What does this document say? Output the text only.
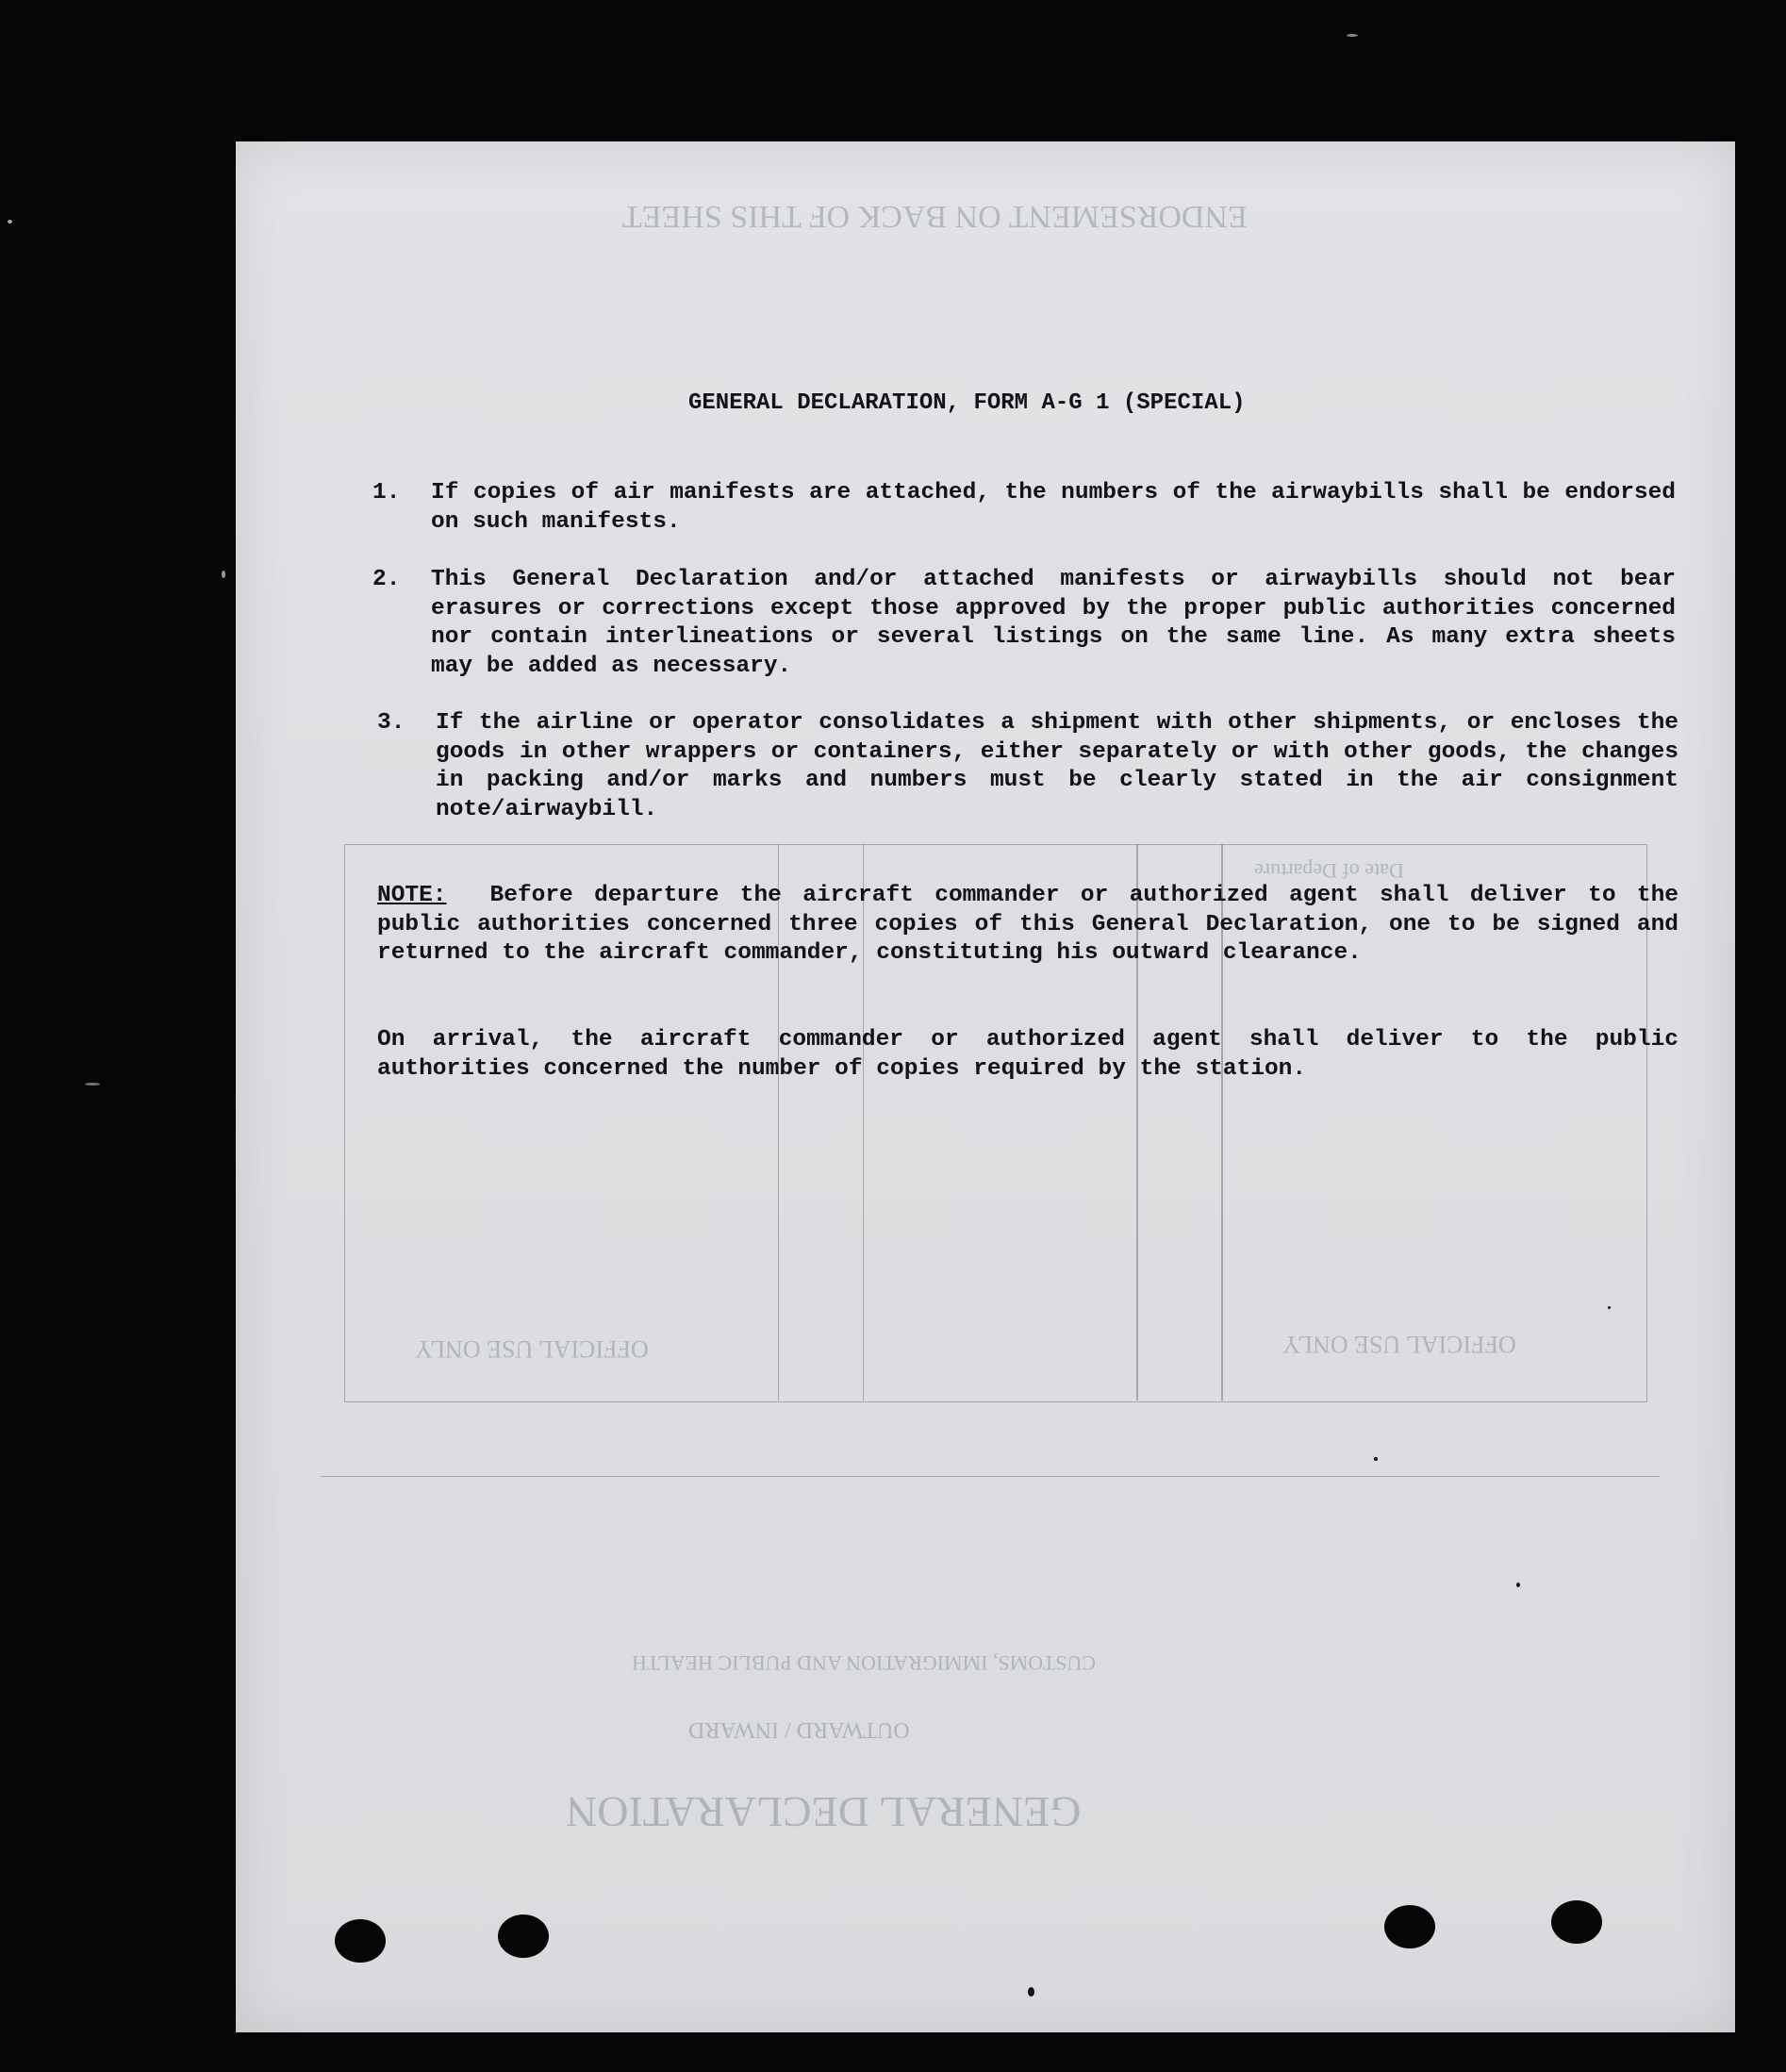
ENDORSEMENT ON BACK OF THIS SHEET
GENERAL DECLARATION
OUTWARD / INWARD
CUSTOMS, IMMIGRATION AND PUBLIC HEALTH
OFFICIAL USE ONLY
OFFICIAL USE ONLY
Date of Departure
GENERAL DECLARATION, FORM A-G 1 (SPECIAL)
1.	If copies of air manifests are attached, the numbers of the airwaybills shall be endorsed on such manifests.
2.	This General Declaration and/or attached manifests or airwaybills should not bear erasures or corrections except those approved by the proper public authorities concerned nor contain interlineations or several listings on the same line. As many extra sheets may be added as necessary.
3.	If the airline or operator consolidates a shipment with other shipments, or encloses the goods in other wrappers or containers, either separately or with other goods, the changes in packing and/or marks and numbers must be clearly stated in the air consignment note/airwaybill.
NOTE: Before departure the aircraft commander or authorized agent shall deliver to the public authorities concerned three copies of this General Declaration, one to be signed and returned to the aircraft commander, constituting his outward clearance.
On arrival, the aircraft commander or authorized agent shall deliver to the public authorities concerned the number of copies required by the station.
